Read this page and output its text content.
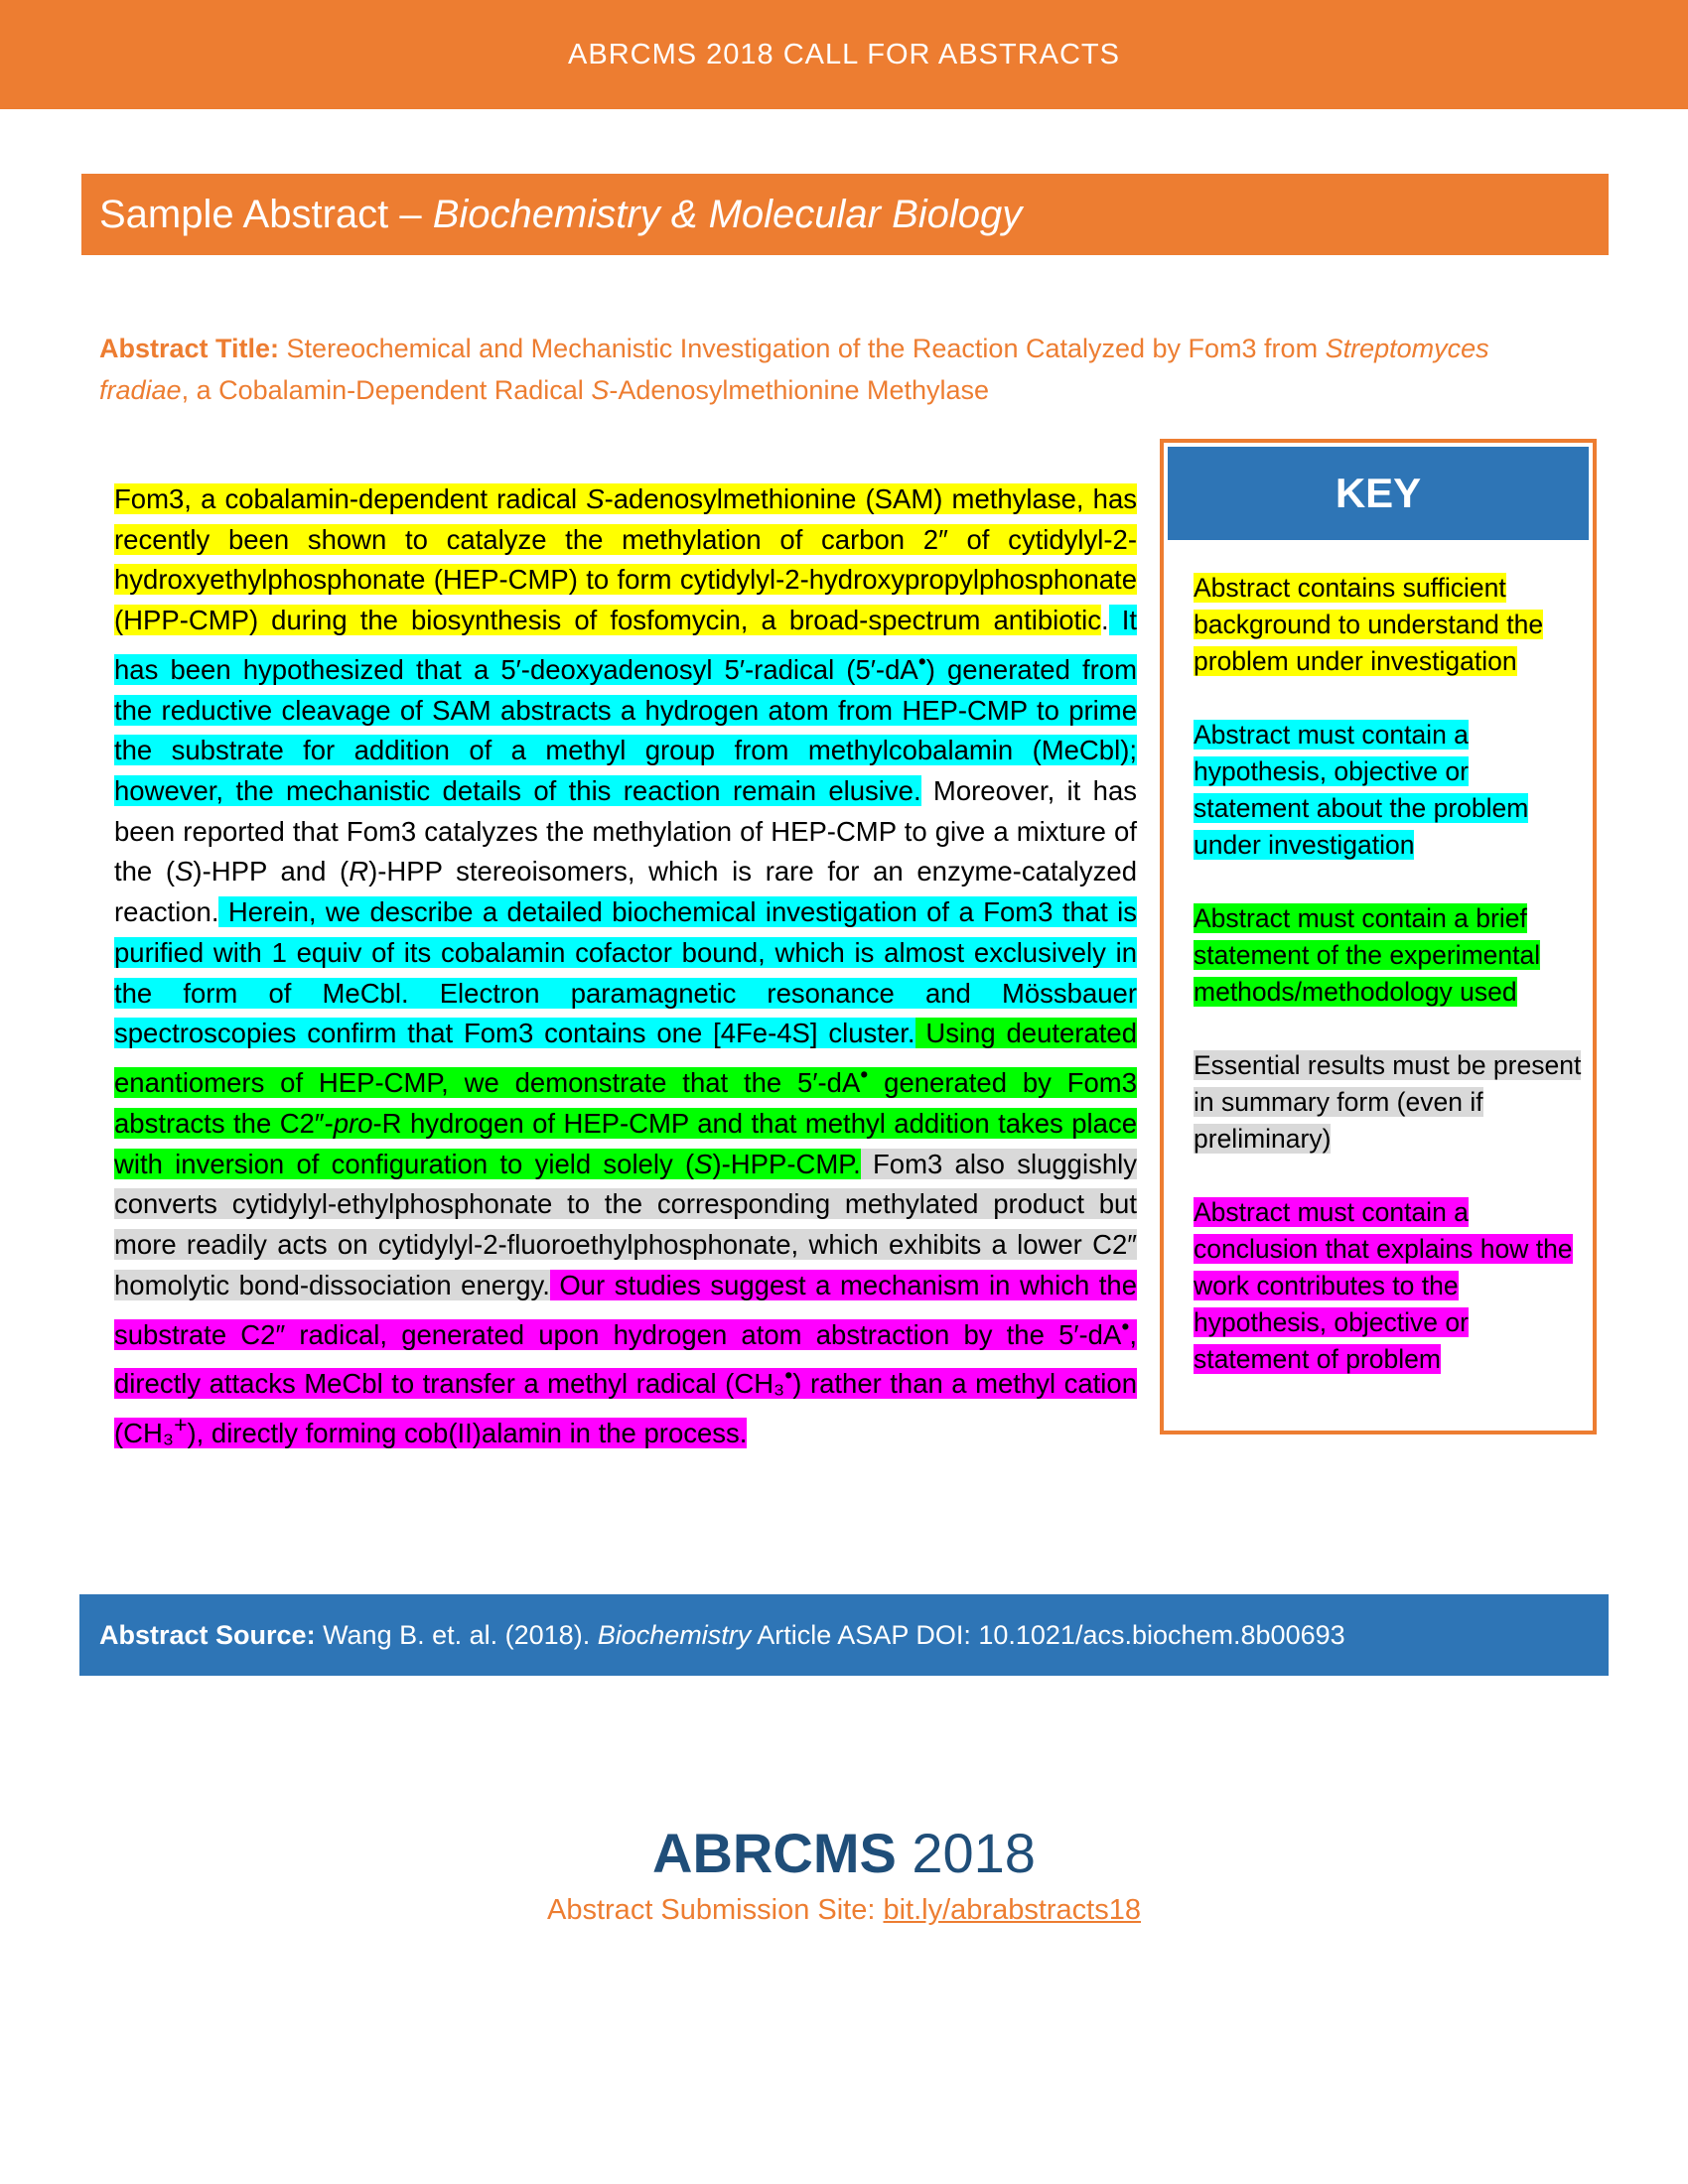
ABRCMS 2018 CALL FOR ABSTRACTS
Sample Abstract – Biochemistry & Molecular Biology
Abstract Title: Stereochemical and Mechanistic Investigation of the Reaction Catalyzed by Fom3 from Streptomyces fradiae, a Cobalamin-Dependent Radical S-Adenosylmethionine Methylase
Fom3, a cobalamin-dependent radical S-adenosylmethionine (SAM) methylase, has recently been shown to catalyze the methylation of carbon 2″ of cytidylyl-2-hydroxyethylphosphonate (HEP-CMP) to form cytidylyl-2-hydroxypropylphosphonate (HPP-CMP) during the biosynthesis of fosfomycin, a broad-spectrum antibiotic. It has been hypothesized that a 5′-deoxyadenosyl 5′-radical (5′-dA•) generated from the reductive cleavage of SAM abstracts a hydrogen atom from HEP-CMP to prime the substrate for addition of a methyl group from methylcobalamin (MeCbl); however, the mechanistic details of this reaction remain elusive. Moreover, it has been reported that Fom3 catalyzes the methylation of HEP-CMP to give a mixture of the (S)-HPP and (R)-HPP stereoisomers, which is rare for an enzyme-catalyzed reaction. Herein, we describe a detailed biochemical investigation of a Fom3 that is purified with 1 equiv of its cobalamin cofactor bound, which is almost exclusively in the form of MeCbl. Electron paramagnetic resonance and Mössbauer spectroscopies confirm that Fom3 contains one [4Fe-4S] cluster. Using deuterated enantiomers of HEP-CMP, we demonstrate that the 5′-dA• generated by Fom3 abstracts the C2″-pro-R hydrogen of HEP-CMP and that methyl addition takes place with inversion of configuration to yield solely (S)-HPP-CMP. Fom3 also sluggishly converts cytidylyl-ethylphosphonate to the corresponding methylated product but more readily acts on cytidylyl-2-fluoroethylphosphonate, which exhibits a lower C2″ homolytic bond-dissociation energy. Our studies suggest a mechanism in which the substrate C2″ radical, generated upon hydrogen atom abstraction by the 5′-dA•, directly attacks MeCbl to transfer a methyl radical (CH₃•) rather than a methyl cation (CH₃+), directly forming cob(II)alamin in the process.
KEY
Abstract contains sufficient background to understand the problem under investigation
Abstract must contain a hypothesis, objective or statement about the problem under investigation
Abstract must contain a brief statement of the experimental methods/methodology used
Essential results must be present in summary form (even if preliminary)
Abstract must contain a conclusion that explains how the work contributes to the hypothesis, objective or statement of problem
Abstract Source: Wang B. et. al. (2018). Biochemistry Article ASAP DOI: 10.1021/acs.biochem.8b00693
ABRCMS 2018
Abstract Submission Site: bit.ly/abrabstracts18
